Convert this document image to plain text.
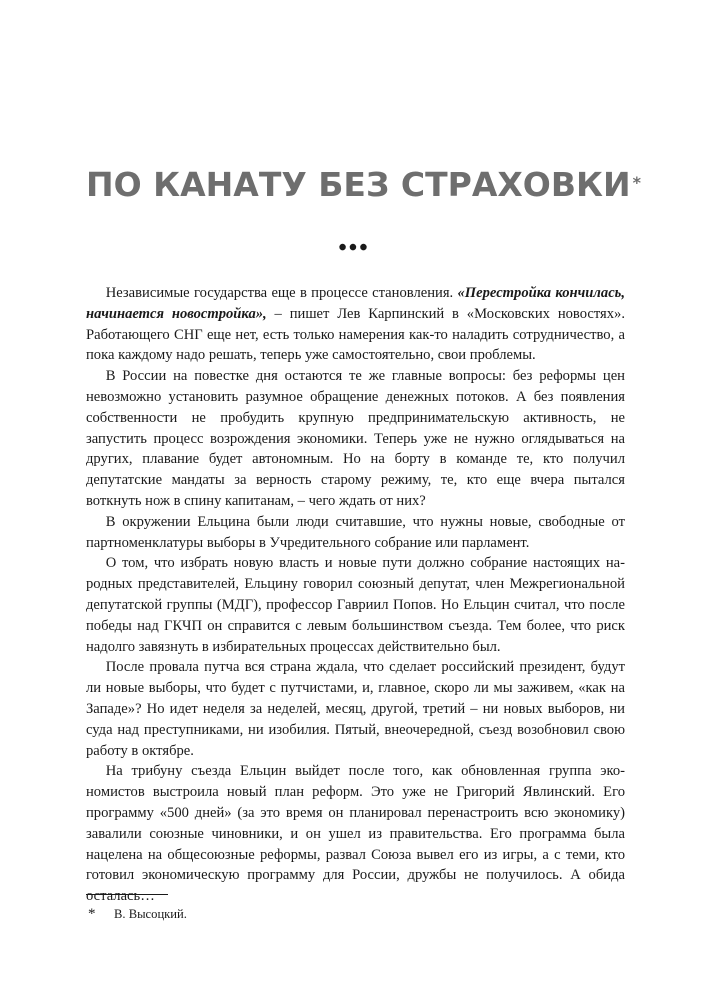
ПО КАНАТУ БЕЗ СТРАХОВКИ *
•••

Независимые государства еще в процессе становления. «Перестройка кончилась, начинается новостройка», – пишет Лев Карпинский в «Московских новостях». Работающего СНГ еще нет, есть только намерения как-то наладить сотрудничество, а пока каждому надо решать, теперь уже самостоятельно, свои проблемы.

В России на повестке дня остаются те же главные вопросы: без реформы цен невозможно установить разумное обращение денежных потоков. А без появления собственности не пробудить крупную предпринимательскую активность, не запустить процесс возрождения экономики. Теперь уже не нужно оглядываться на других, плавание будет автономным. Но на борту в команде те, кто получил депутатские мандаты за верность старому режиму, те, кто еще вчера пытался воткнуть нож в спину капитанам, – чего ждать от них?

В окружении Ельцина были люди считавшие, что нужны новые, свободные от партноменклатуры выборы в Учредительного собрание или парламент.

О том, что избрать новую власть и новые пути должно собрание настоящих народных представителей, Ельцину говорил союзный депутат, член Межрегиональной депутатской группы (МДГ), профессор Гавриил Попов. Но Ельцин считал, что после победы над ГКЧП он справится с левым большинством съезда. Тем более, что риск надолго завязнуть в избирательных процессах действительно был.

После провала путча вся страна ждала, что сделает российский президент, будут ли новые выборы, что будет с путчистами, и, главное, скоро ли мы заживем, «как на Западе»? Но идет неделя за неделей, месяц, другой, третий – ни новых выборов, ни суда над преступниками, ни изобилия. Пятый, внеочередной, съезд возобновил свою работу в октябре.

На трибуну съезда Ельцин выйдет после того, как обновленная группа экономистов выстроила новый план реформ. Это уже не Григорий Явлинский. Его программу «500 дней» (за это время он планировал перенастроить всю экономику) завалили союзные чиновники, и он ушел из правительства. Его программа была нацелена на общесоюзные реформы, развал Союза вывел его из игры, а с теми, кто готовил экономическую программу для России, дружбы не получилось. А обида осталась…

* В. Высоцкий.
